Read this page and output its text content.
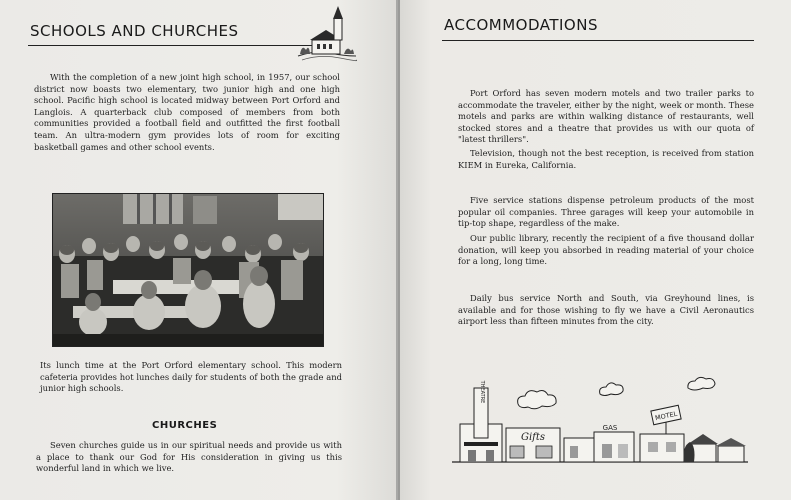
SCHOOLS AND CHURCHES

With the completion of a new joint high school, in 1957, our school district now boasts two elementary, two junior high and one high school. Pacific high school is located midway between Port Orford and Langlois. A quarterback club composed of members from both communities provided a football field and outfitted the first football team. An ultra-modern gym provides lots of room for exciting basketball games and other school events.

Its lunch time at the Port Orford elementary school. This modern cafeteria provides hot lunches daily for students of both the grade and junior high schools.

CHURCHES

Seven churches guide us in our spiritual needs and provide us with a place to thank our God for His consideration in giving us this wonderful land in which we live.

ACCOMMODATIONS

Port Orford has seven modern motels and two trailer parks to accommodate the traveler, either by the night, week or month. These motels and parks are within walking distance of restaurants, well stocked stores and a theatre that provides us with our quota of "latest thrillers".

Television, though not the best reception, is received from station KIEM in Eureka, California.

Five service stations dispense petroleum products of the most popular oil companies. Three garages will keep your automobile in tip-top shape, regardless of the make.

Our public library, recently the recipient of a five thousand dollar donation, will keep you absorbed in reading material of your choice for a long, long time.

Daily bus service North and South, via Greyhound lines, is available and for those wishing to fly we have a Civil Aeronautics airport less than fifteen minutes from the city.

THEATRE
Gifts
GAS
MOTEL
